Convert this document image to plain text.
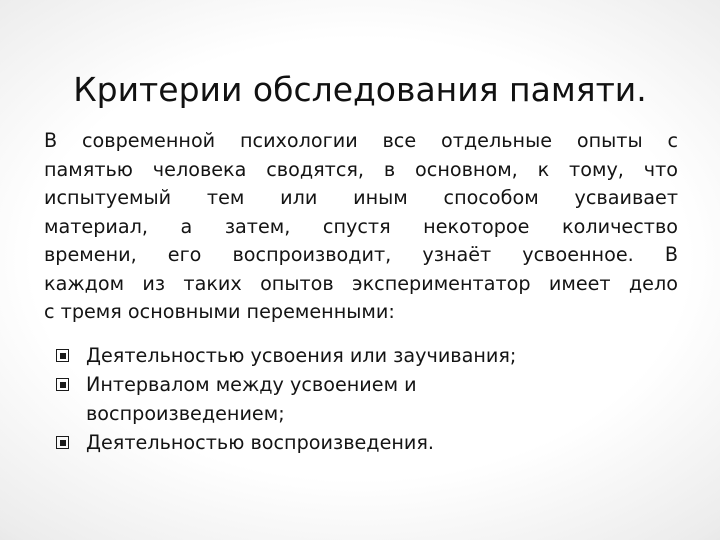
Критерии обследования памяти.
В современной психологии все отдельные опыты с
памятью человека сводятся, в основном, к тому, что
испытуемый тем или иным способом усваивает
материал, а затем, спустя некоторое количество
времени, его воспроизводит, узнаёт усвоенное. В
каждом из таких опытов экспериментатор имеет дело
с тремя основными переменными:
Деятельностью усвоения или заучивания;
Интервалом между усвоением и
воспроизведением;
Деятельностью воспроизведения.
